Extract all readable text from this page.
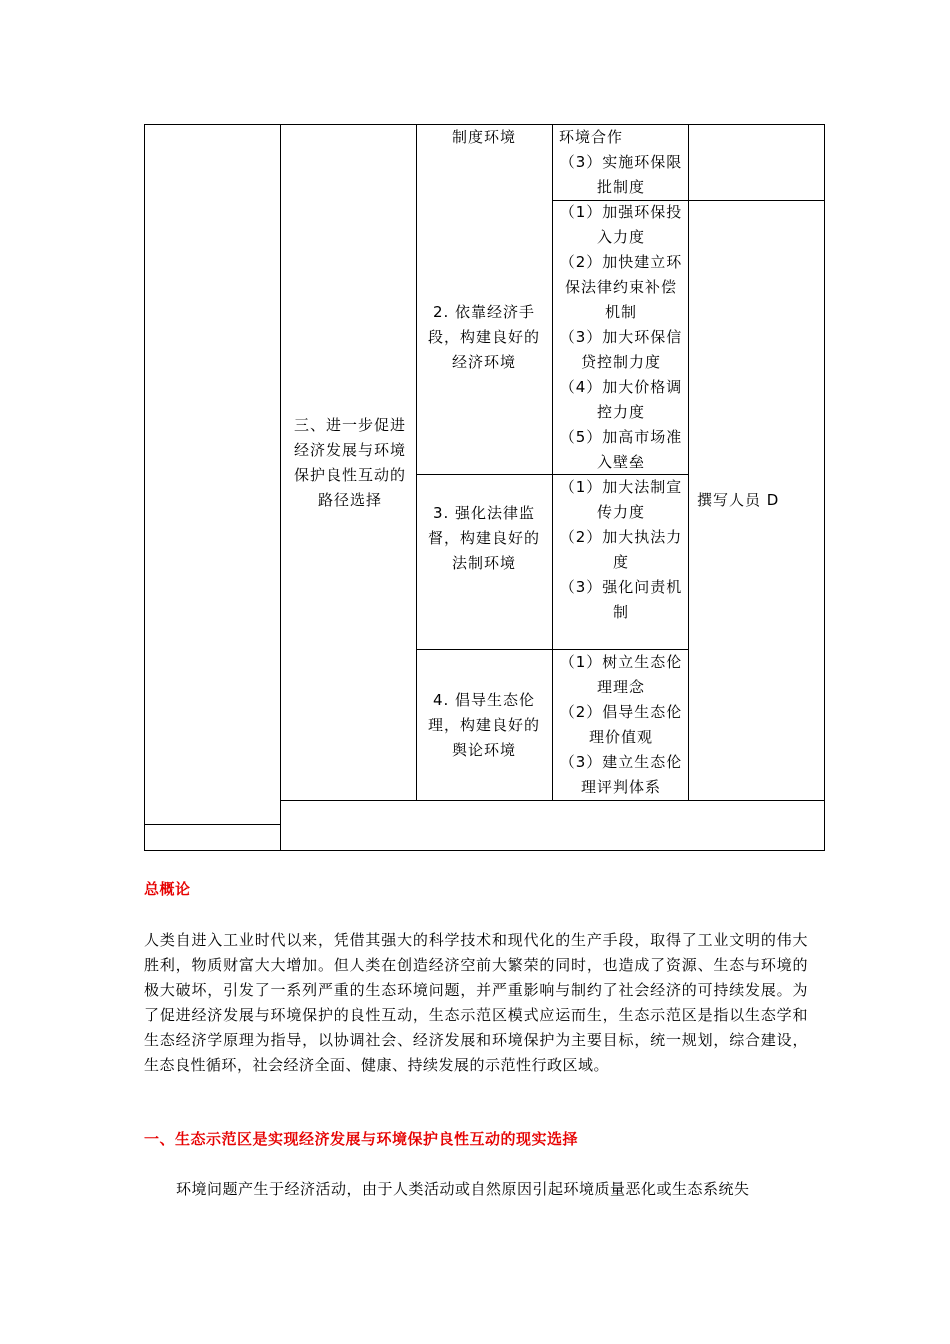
三、进一步促进经济发展与环境保护良性互动的路径选择
制度环境	环境合作
（3）实施环保限批制度
2. 依靠经济手段，构建良好的经济环境
（1）加强环保投入力度
（2）加快建立环保法律约束补偿机制
（3）加大环保信贷控制力度
（4）加大价格调控力度
（5）加高市场准入壁垒
撰写人员 D
3. 强化法律监督，构建良好的法制环境
（1）加大法制宣传力度
（2）加大执法力度
（3）强化问责机制
4. 倡导生态伦理，构建良好的舆论环境
（1）树立生态伦理理念
（2）倡导生态伦理价值观
（3）建立生态伦理评判体系
总概论
人类自进入工业时代以来，凭借其强大的科学技术和现代化的生产手段，取得了工业文明的伟大胜利，物质财富大大增加。但人类在创造经济空前大繁荣的同时，也造成了资源、生态与环境的极大破坏，引发了一系列严重的生态环境问题，并严重影响与制约了社会经济的可持续发展。为了促进经济发展与环境保护的良性互动，生态示范区模式应运而生，生态示范区是指以生态学和生态经济学原理为指导，以协调社会、经济发展和环境保护为主要目标，统一规划，综合建设，生态良性循环，社会经济全面、健康、持续发展的示范性行政区域。
一、生态示范区是实现经济发展与环境保护良性互动的现实选择
环境问题产生于经济活动，由于人类活动或自然原因引起环境质量恶化或生态系统失
